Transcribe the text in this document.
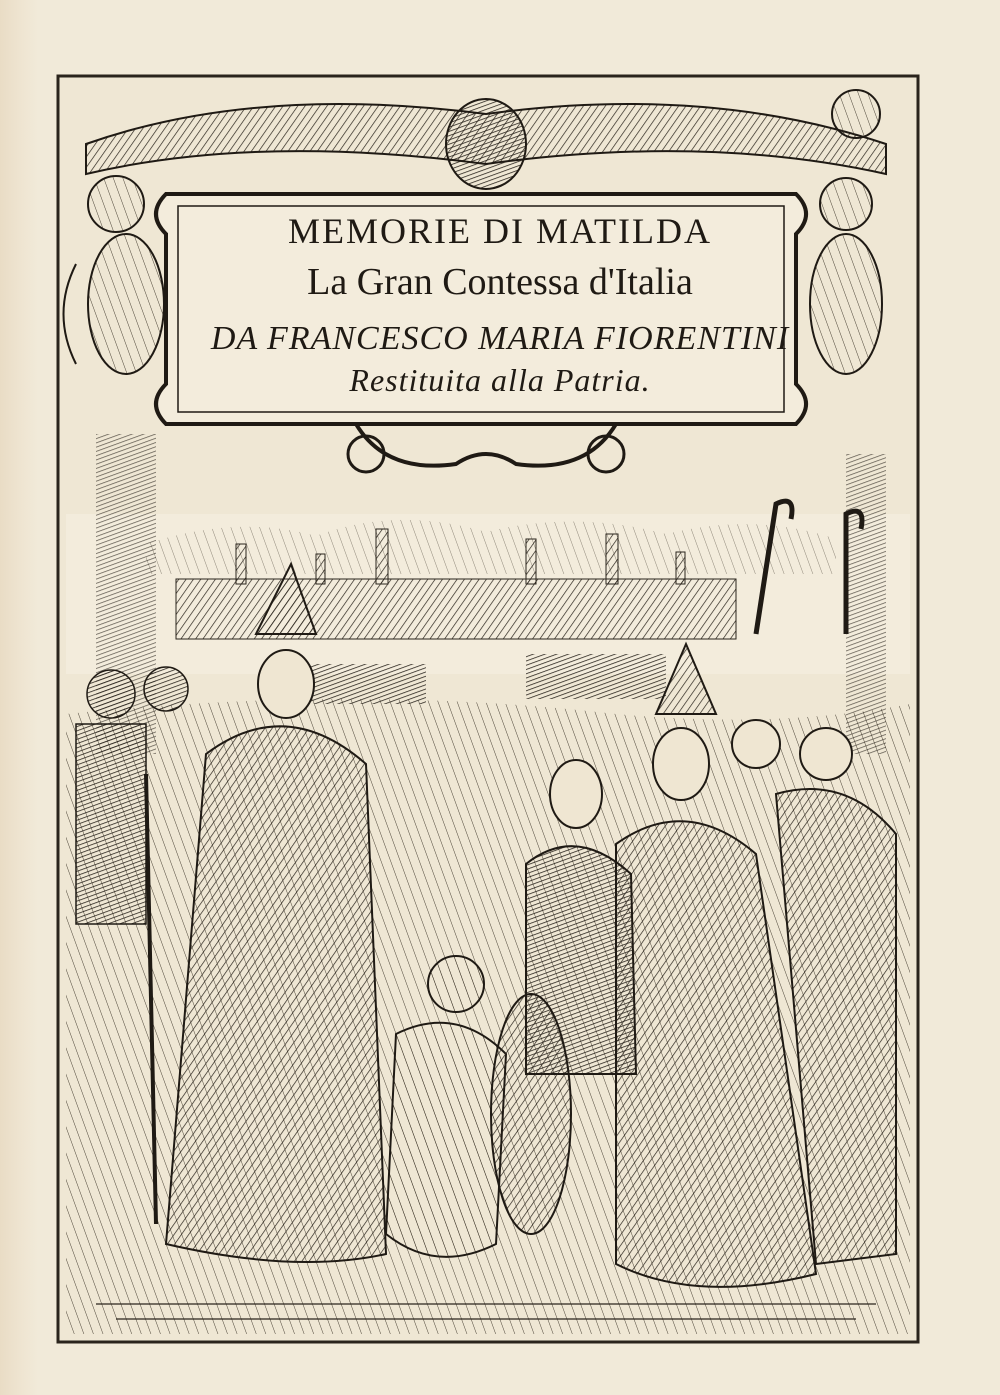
MEMORIE DI MATILDA
La Gran Contessa d'Italia
DA FRANCESCO MARIA FIORENTINI
Restituita alla Patria.
